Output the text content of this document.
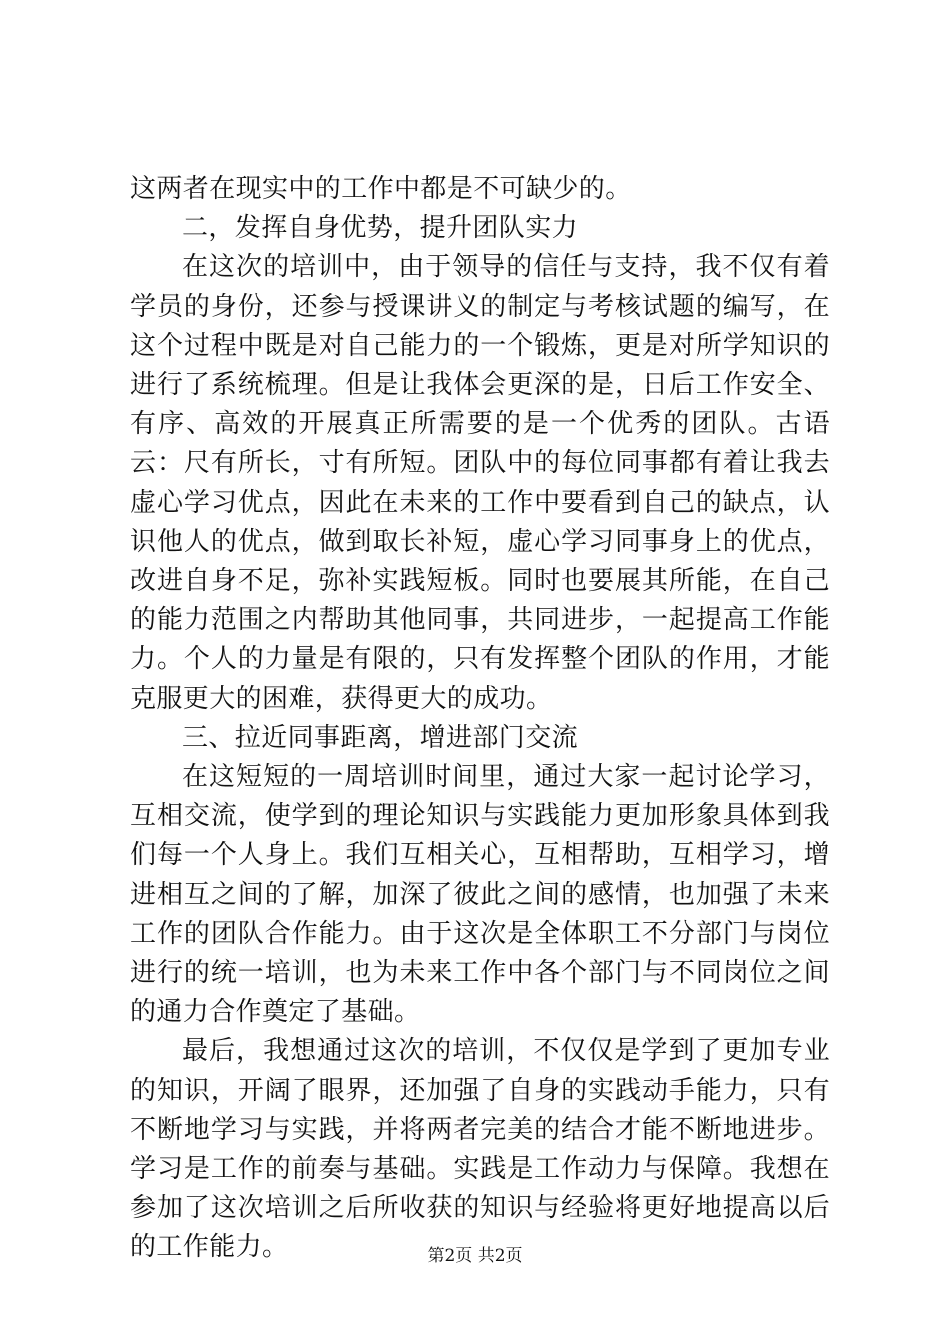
这两者在现实中的工作中都是不可缺少的。

二，发挥自身优势，提升团队实力

在这次的培训中，由于领导的信任与支持，我不仅有着学员的身份，还参与授课讲义的制定与考核试题的编写，在这个过程中既是对自己能力的一个锻炼，更是对所学知识的进行了系统梳理。但是让我体会更深的是，日后工作安全、有序、高效的开展真正所需要的是一个优秀的团队。古语云：尺有所长，寸有所短。团队中的每位同事都有着让我去虚心学习优点，因此在未来的工作中要看到自己的缺点，认识他人的优点，做到取长补短，虚心学习同事身上的优点，改进自身不足，弥补实践短板。同时也要展其所能，在自己的能力范围之内帮助其他同事，共同进步，一起提高工作能力。个人的力量是有限的，只有发挥整个团队的作用，才能克服更大的困难，获得更大的成功。

三、拉近同事距离，增进部门交流

在这短短的一周培训时间里，通过大家一起讨论学习，互相交流，使学到的理论知识与实践能力更加形象具体到我们每一个人身上。我们互相关心，互相帮助，互相学习，增进相互之间的了解，加深了彼此之间的感情，也加强了未来工作的团队合作能力。由于这次是全体职工不分部门与岗位进行的统一培训，也为未来工作中各个部门与不同岗位之间的通力合作奠定了基础。

最后，我想通过这次的培训，不仅仅是学到了更加专业的知识，开阔了眼界，还加强了自身的实践动手能力，只有不断地学习与实践，并将两者完美的结合才能不断地进步。学习是工作的前奏与基础。实践是工作动力与保障。我想在参加了这次培训之后所收获的知识与经验将更好地提高以后的工作能力。	第2页 共2页
